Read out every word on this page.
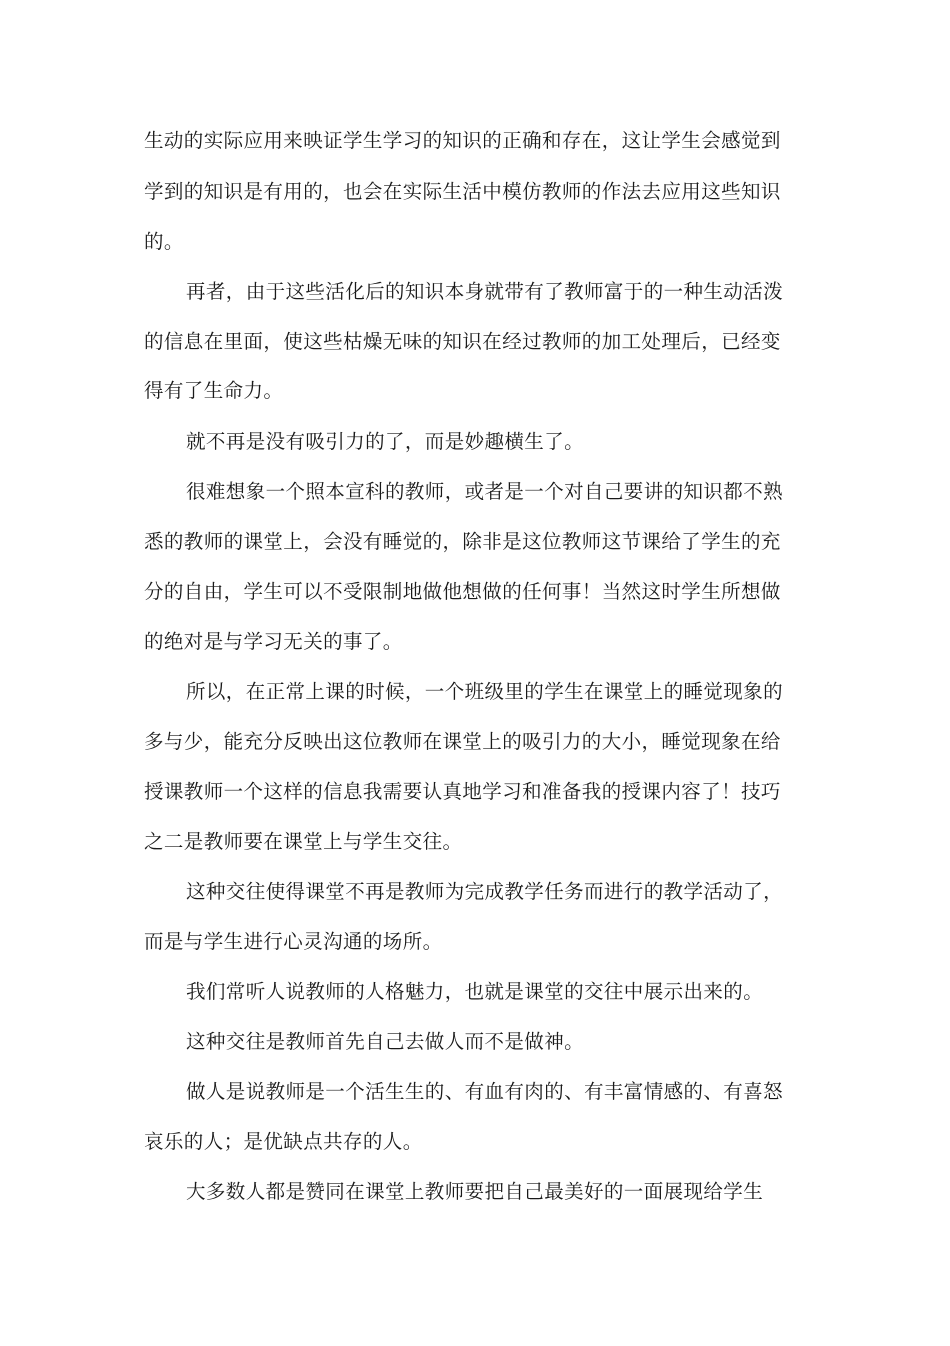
生动的实际应用来映证学生学习的知识的正确和存在，这让学生会感觉到
学到的知识是有用的，也会在实际生活中模仿教师的作法去应用这些知识
的。
再者，由于这些活化后的知识本身就带有了教师富于的一种生动活泼
的信息在里面，使这些枯燥无味的知识在经过教师的加工处理后，已经变
得有了生命力。
就不再是没有吸引力的了，而是妙趣横生了。
很难想象一个照本宣科的教师，或者是一个对自己要讲的知识都不熟
悉的教师的课堂上，会没有睡觉的，除非是这位教师这节课给了学生的充
分的自由，学生可以不受限制地做他想做的任何事！当然这时学生所想做
的绝对是与学习无关的事了。
所以，在正常上课的时候，一个班级里的学生在课堂上的睡觉现象的
多与少，能充分反映出这位教师在课堂上的吸引力的大小，睡觉现象在给
授课教师一个这样的信息我需要认真地学习和准备我的授课内容了！技巧
之二是教师要在课堂上与学生交往。
这种交往使得课堂不再是教师为完成教学任务而进行的教学活动了，
而是与学生进行心灵沟通的场所。
我们常听人说教师的人格魅力，也就是课堂的交往中展示出来的。
这种交往是教师首先自己去做人而不是做神。
做人是说教师是一个活生生的、有血有肉的、有丰富情感的、有喜怒
哀乐的人；是优缺点共存的人。
大多数人都是赞同在课堂上教师要把自己最美好的一面展现给学生
